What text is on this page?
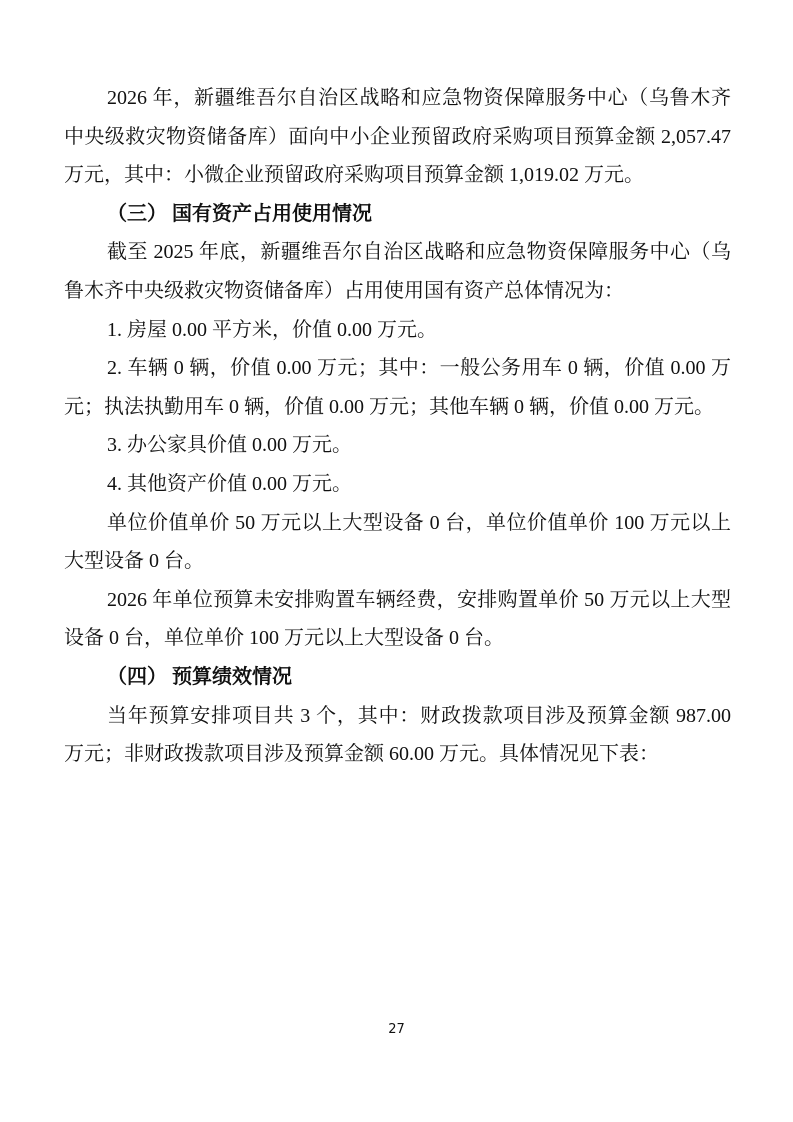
2026 年，新疆维吾尔自治区战略和应急物资保障服务中心（乌鲁木齐中央级救灾物资储备库）面向中小企业预留政府采购项目预算金额 2,057.47 万元，其中：小微企业预留政府采购项目预算金额 1,019.02 万元。

（三） 国有资产占用使用情况

截至 2025 年底，新疆维吾尔自治区战略和应急物资保障服务中心（乌鲁木齐中央级救灾物资储备库）占用使用国有资产总体情况为：

1. 房屋 0.00 平方米，价值 0.00 万元。

2. 车辆 0 辆，价值 0.00 万元；其中：一般公务用车 0 辆，价值 0.00 万元；执法执勤用车 0 辆，价值 0.00 万元；其他车辆 0 辆，价值 0.00 万元。

3. 办公家具价值 0.00 万元。

4. 其他资产价值 0.00 万元。

单位价值单价 50 万元以上大型设备 0 台，单位价值单价 100 万元以上大型设备 0 台。

2026 年单位预算未安排购置车辆经费，安排购置单价 50 万元以上大型设备 0 台，单位单价 100 万元以上大型设备 0 台。

（四） 预算绩效情况

当年预算安排项目共 3 个，其中：财政拨款项目涉及预算金额 987.00 万元；非财政拨款项目涉及预算金额 60.00 万元。具体情况见下表：

27
